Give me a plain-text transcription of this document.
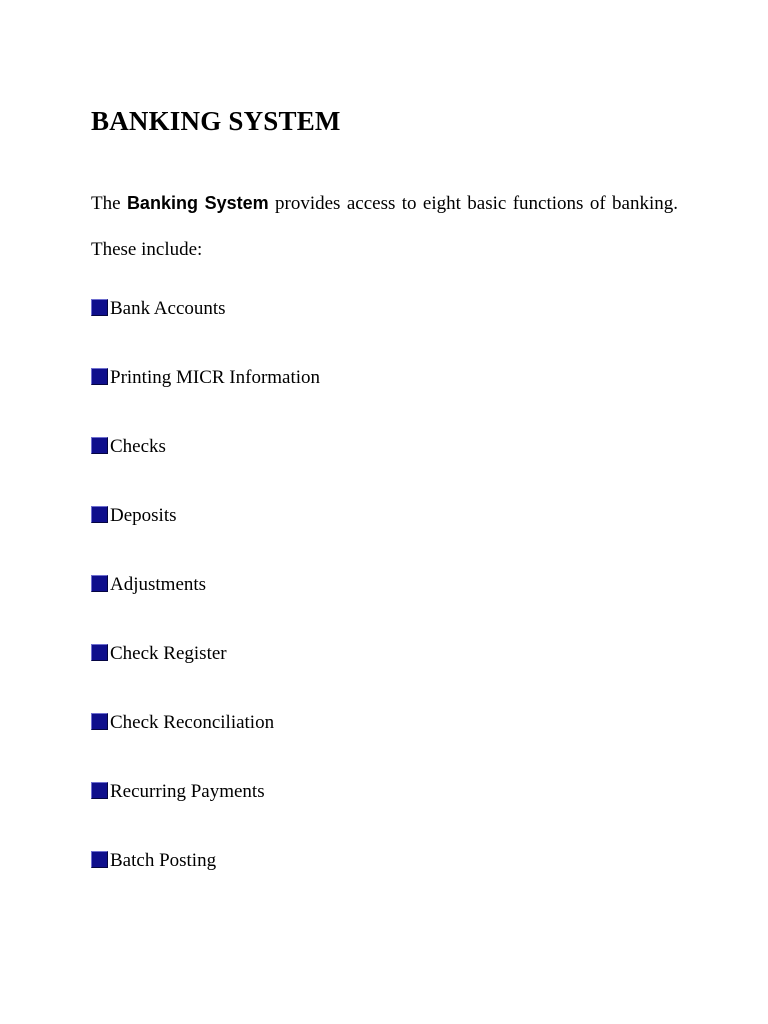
BANKING SYSTEM

The Banking System provides access to eight basic functions of banking. These include:

Bank Accounts
Printing MICR Information
Checks
Deposits
Adjustments
Check Register
Check Reconciliation
Recurring Payments
Batch Posting
